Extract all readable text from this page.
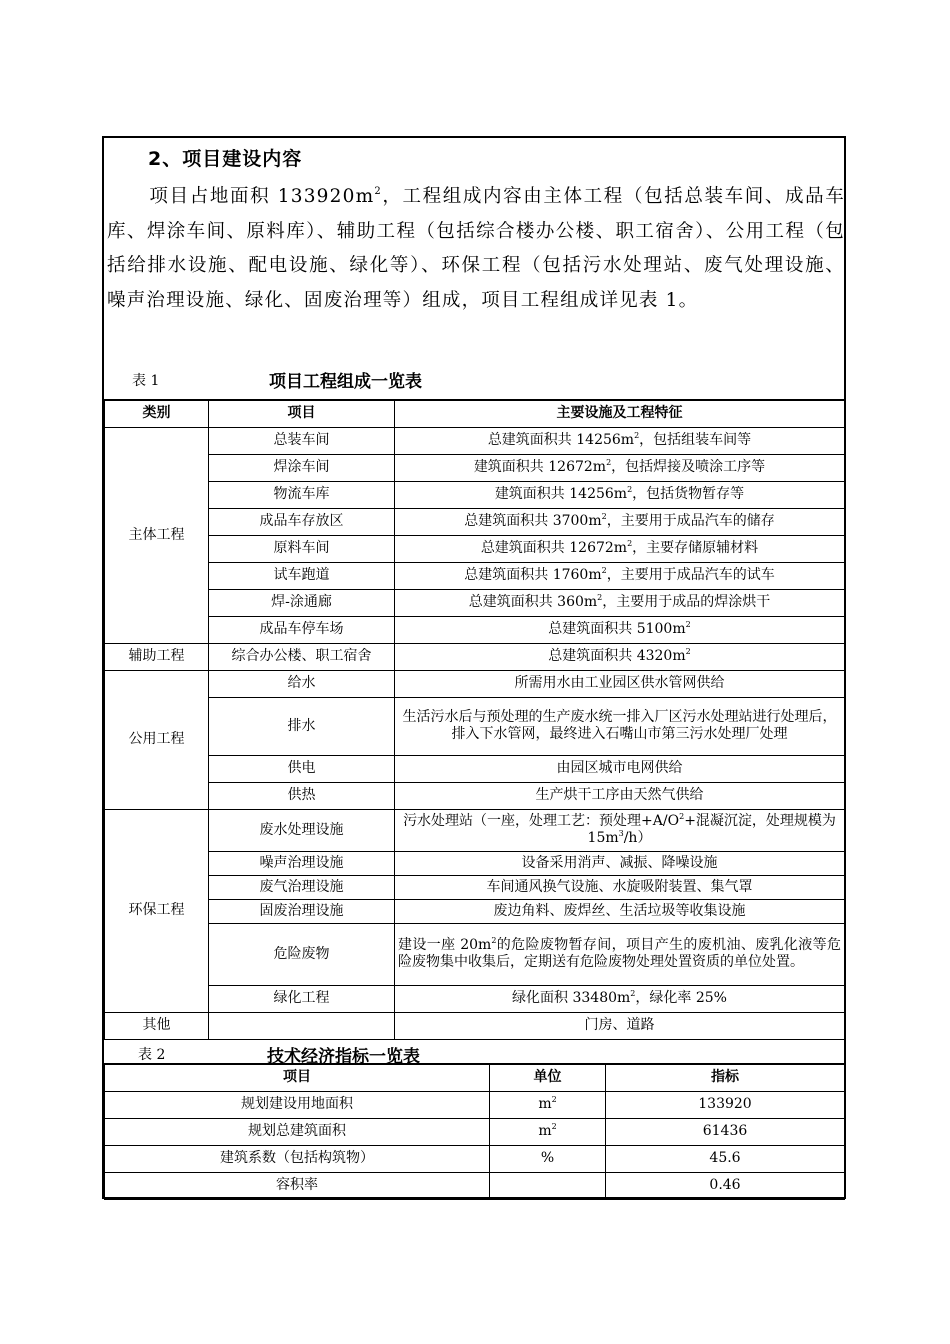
2、项目建设内容
项目占地面积 $133920m^2$，工程组成内容由主体工程（包括总装车间、成品车库、焊涂车间、原料库）、辅助工程（包括综合楼办公楼、职工宿舍）、公用工程（包括给排水设施、配电设施、绿化等）、环保工程（包括污水处理站、废气处理设施、噪声治理设施、绿化、固废治理等）组成，项目工程组成详见表 1。
表 1	项目工程组成一览表
类别	项目	主要设施及工程特征
主体工程	总装车间	总建筑面积共 $14256m^2$，包括组装车间等
	焊涂车间	建筑面积共 $12672m^2$，包括焊接及喷涂工序等
	物流车库	建筑面积共 $14256m^2$，包括货物暂存等
	成品车存放区	总建筑面积共 $3700m^2$，主要用于成品汽车的储存
	原料车间	总建筑面积共 $12672m^2$，主要存储原辅材料
	试车跑道	总建筑面积共 $1760m^2$，主要用于成品汽车的试车
	焊-涂通廊	总建筑面积共 $360m^2$，主要用于成品的焊涂烘干
	成品车停车场	总建筑面积共 $5100m^2$
辅助工程	综合办公楼、职工宿舍	总建筑面积共 $4320m^2$
公用工程	给水	所需用水由工业园区供水管网供给
	排水	生活污水后与预处理的生产废水统一排入厂区污水处理站进行处理后，排入下水管网，最终进入石嘴山市第三污水处理厂处理
	供电	由园区城市电网供给
	供热	生产烘干工序由天然气供给
环保工程	废水处理设施	污水处理站（一座，处理工艺：预处理$+A/O^2+$混凝沉淀，处理规模为 $15m^3/h$）
	噪声治理设施	设备采用消声、减振、降噪设施
	废气治理设施	车间通风换气设施、水旋吸附装置、集气罩
	固废治理设施	废边角料、废焊丝、生活垃圾等收集设施
	危险废物	建设一座 $20m^2$的危险废物暂存间，项目产生的废机油、废乳化液等危险废物集中收集后，定期送有危险废物处理处置资质的单位处置。
	绿化工程	绿化面积 $33480m^2$，绿化率 25%
其他		门房、道路
表 2	技术经济指标一览表
项目	单位	指标
规划建设用地面积	$m^2$	133920
规划总建筑面积	$m^2$	61436
建筑系数（包括构筑物）	%	45.6
容积率		0.46
